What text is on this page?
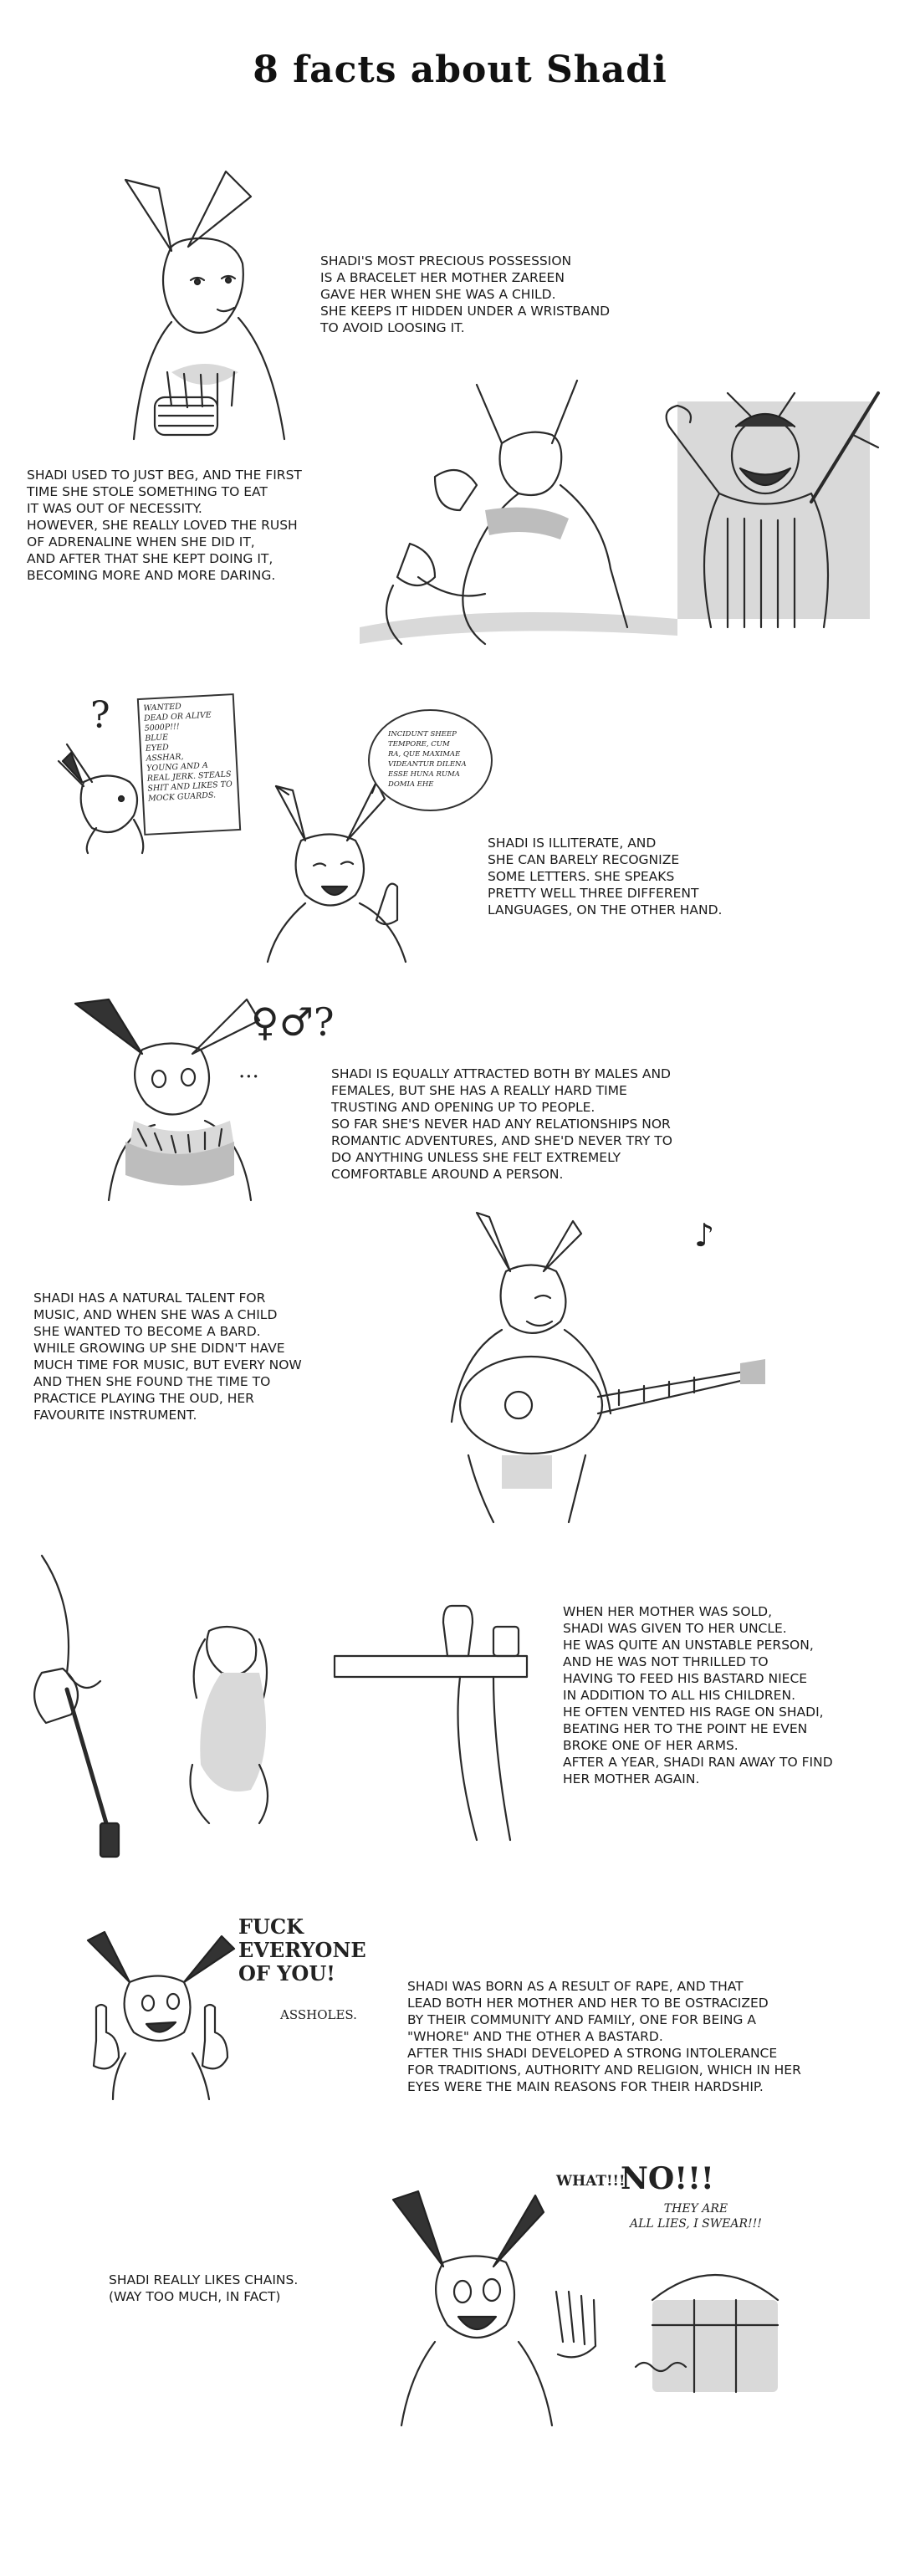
8 facts about Shadi

SHADI'S MOST PRECIOUS POSSESSION
IS A BRACELET HER MOTHER ZAREEN
GAVE HER WHEN SHE WAS A CHILD.
SHE KEEPS IT HIDDEN UNDER A WRISTBAND
TO AVOID LOOSING IT.

SHADI USED TO JUST BEG, AND THE FIRST
TIME SHE STOLE SOMETHING TO EAT
IT WAS OUT OF NECESSITY.
HOWEVER, SHE REALLY LOVED THE RUSH
OF ADRENALINE WHEN SHE DID IT,
AND AFTER THAT SHE KEPT DOING IT,
BECOMING MORE AND MORE DARING.

?	WANTED
DEAD OR ALIVE
5000P!!!
BLUE
EYED
ASSHAR,
YOUNG AND A
REAL JERK. STEALS
SHIT AND LIKES TO
MOCK GUARDS.
INCIDUNT SHEEP
TEMPORE, CUM
RA, QUE MAXIMAE
VIDEANTUR DILENA
ESSE HUNA RUMA
DOMIA EHE

SHADI IS ILLITERATE, AND
SHE CAN BARELY RECOGNIZE
SOME LETTERS. SHE SPEAKS
PRETTY WELL THREE DIFFERENT
LANGUAGES, ON THE OTHER HAND.

♀♂?
...	SHADI IS EQUALLY ATTRACTED BOTH BY MALES AND
FEMALES, BUT SHE HAS A REALLY HARD TIME
TRUSTING AND OPENING UP TO PEOPLE.
SO FAR SHE'S NEVER HAD ANY RELATIONSHIPS NOR
ROMANTIC ADVENTURES, AND SHE'D NEVER TRY TO
DO ANYTHING UNLESS SHE FELT EXTREMELY
COMFORTABLE AROUND A PERSON.

♪

SHADI HAS A NATURAL TALENT FOR
MUSIC, AND WHEN SHE WAS A CHILD
SHE WANTED TO BECOME A BARD.
WHILE GROWING UP SHE DIDN'T HAVE
MUCH TIME FOR MUSIC, BUT EVERY NOW
AND THEN SHE FOUND THE TIME TO
PRACTICE PLAYING THE OUD, HER
FAVOURITE INSTRUMENT.

WHEN HER MOTHER WAS SOLD,
SHADI WAS GIVEN TO HER UNCLE.
HE WAS QUITE AN UNSTABLE PERSON,
AND HE WAS NOT THRILLED TO
HAVING TO FEED HIS BASTARD NIECE
IN ADDITION TO ALL HIS CHILDREN.
HE OFTEN VENTED HIS RAGE ON SHADI,
BEATING HER TO THE POINT HE EVEN
BROKE ONE OF HER ARMS.
AFTER A YEAR, SHADI RAN AWAY TO FIND
HER MOTHER AGAIN.

FUCK
EVERYONE
OF YOU!
ASSHOLES.

SHADI WAS BORN AS A RESULT OF RAPE, AND THAT
LEAD BOTH HER MOTHER AND HER TO BE OSTRACIZED
BY THEIR COMMUNITY AND FAMILY, ONE FOR BEING A
"WHORE" AND THE OTHER A BASTARD.
AFTER THIS SHADI DEVELOPED A STRONG INTOLERANCE
FOR TRADITIONS, AUTHORITY AND RELIGION, WHICH IN HER
EYES WERE THE MAIN REASONS FOR THEIR HARDSHIP.

WHAT!!!
NO!!!
THEY ARE
ALL LIES, I SWEAR!!!

SHADI REALLY LIKES CHAINS.
(WAY TOO MUCH, IN FACT)
